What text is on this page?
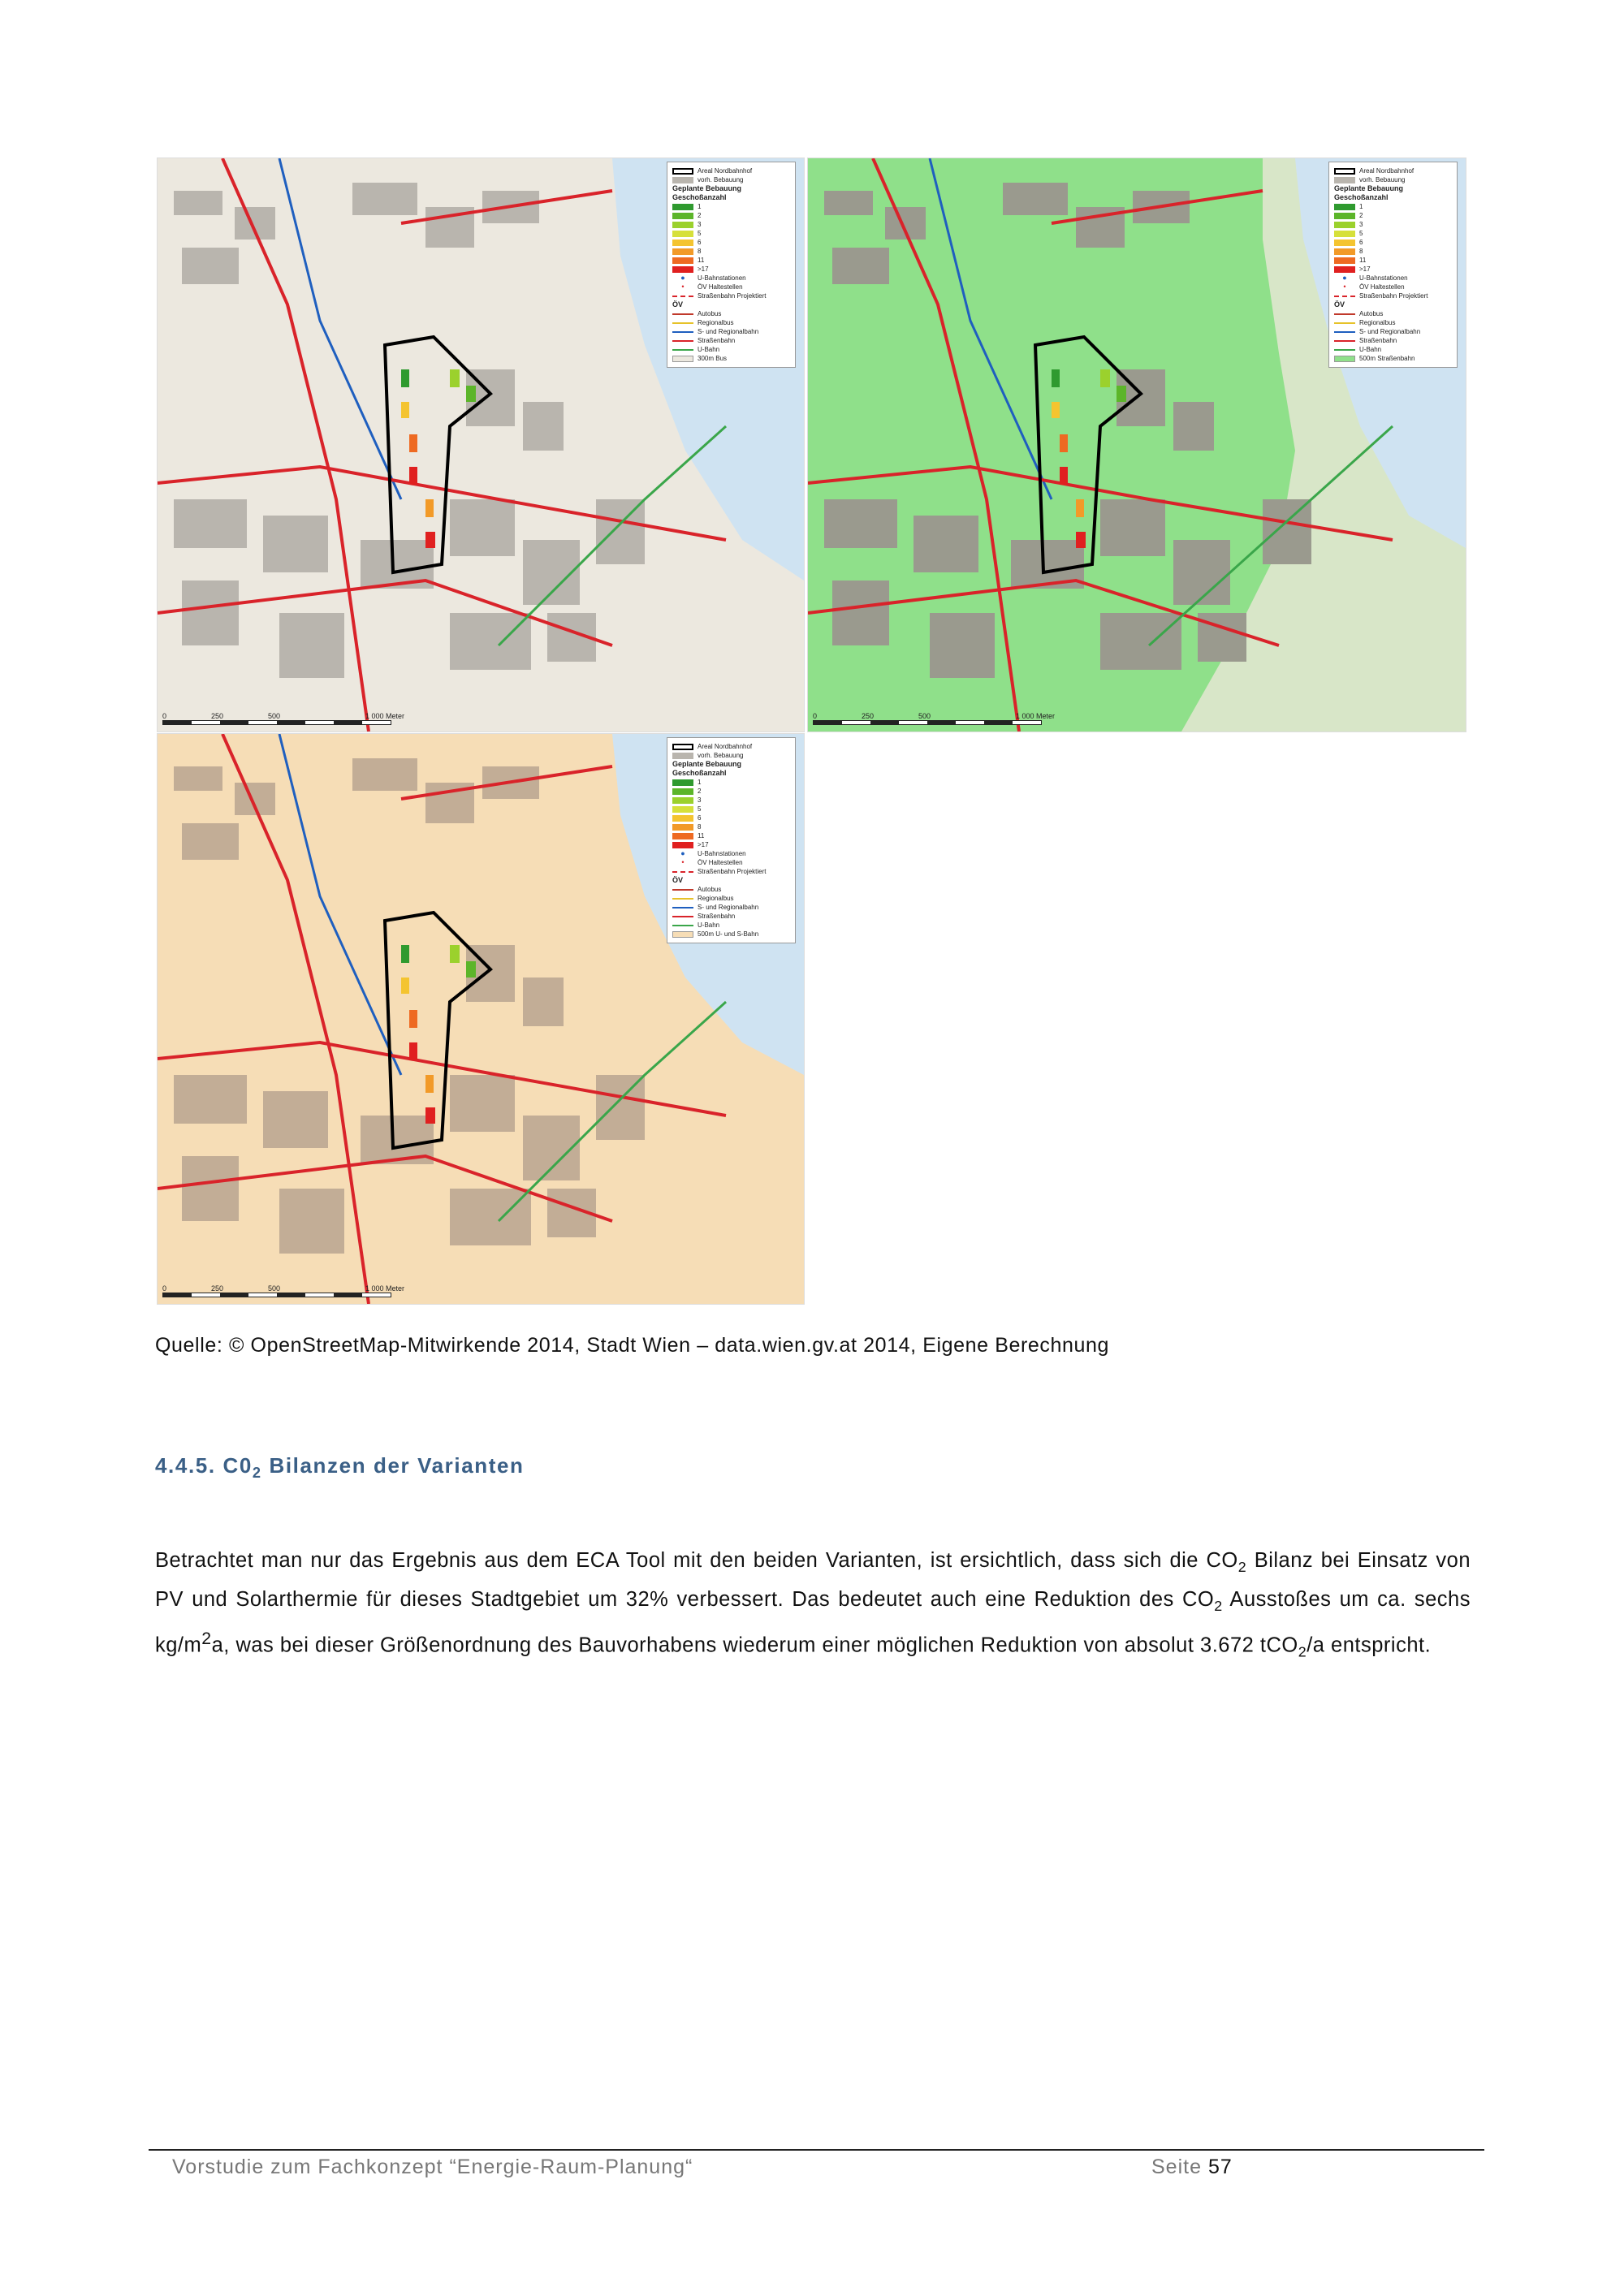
Areal Nordbahnhof
vorh. Bebauung
Geplante Bebauung
Geschoßanzahl
1
2
3
5
6
8
11
>17
●	U-Bahnstationen
•	ÖV Haltestellen
Straßenbahn Projektiert
ÖV
Autobus
Regionalbus
S- und Regionalbahn
Straßenbahn
U-Bahn
300m Bus
0	250	500	1 000 Meter
Areal Nordbahnhof
vorh. Bebauung
Geplante Bebauung
Geschoßanzahl
1
2
3
5
6
8
11
>17
●	U-Bahnstationen
•	ÖV Haltestellen
Straßenbahn Projektiert
ÖV
Autobus
Regionalbus
S- und Regionalbahn
Straßenbahn
U-Bahn
500m Straßenbahn
0	250	500	1 000 Meter
Areal Nordbahnhof
vorh. Bebauung
Geplante Bebauung
Geschoßanzahl
1
2
3
5
6
8
11
>17
●	U-Bahnstationen
•	ÖV Haltestellen
Straßenbahn Projektiert
ÖV
Autobus
Regionalbus
S- und Regionalbahn
Straßenbahn
U-Bahn
500m U- und S-Bahn
0	250	500	1 000 Meter
Quelle: © OpenStreetMap-Mitwirkende 2014, Stadt Wien – data.wien.gv.at 2014, Eigene Berechnung
4.4.5. $C0_2$ Bilanzen der Varianten

Betrachtet man nur das Ergebnis aus dem ECA Tool mit den beiden Varianten, ist ersichtlich, dass sich die $CO_2$ Bilanz bei Einsatz von PV und Solarthermie für dieses Stadtgebiet um 32% verbessert. Das bedeutet auch eine Reduktion des $CO_2$ Ausstoßes um ca. sechs $kg/m^2a$, was bei dieser Größenordnung des Bauvorhabens wiederum einer möglichen Reduktion von absolut 3.672 tCO$_2$/a entspricht.

Vorstudie zum Fachkonzept “Energie-Raum-Planung“	Seite 57
